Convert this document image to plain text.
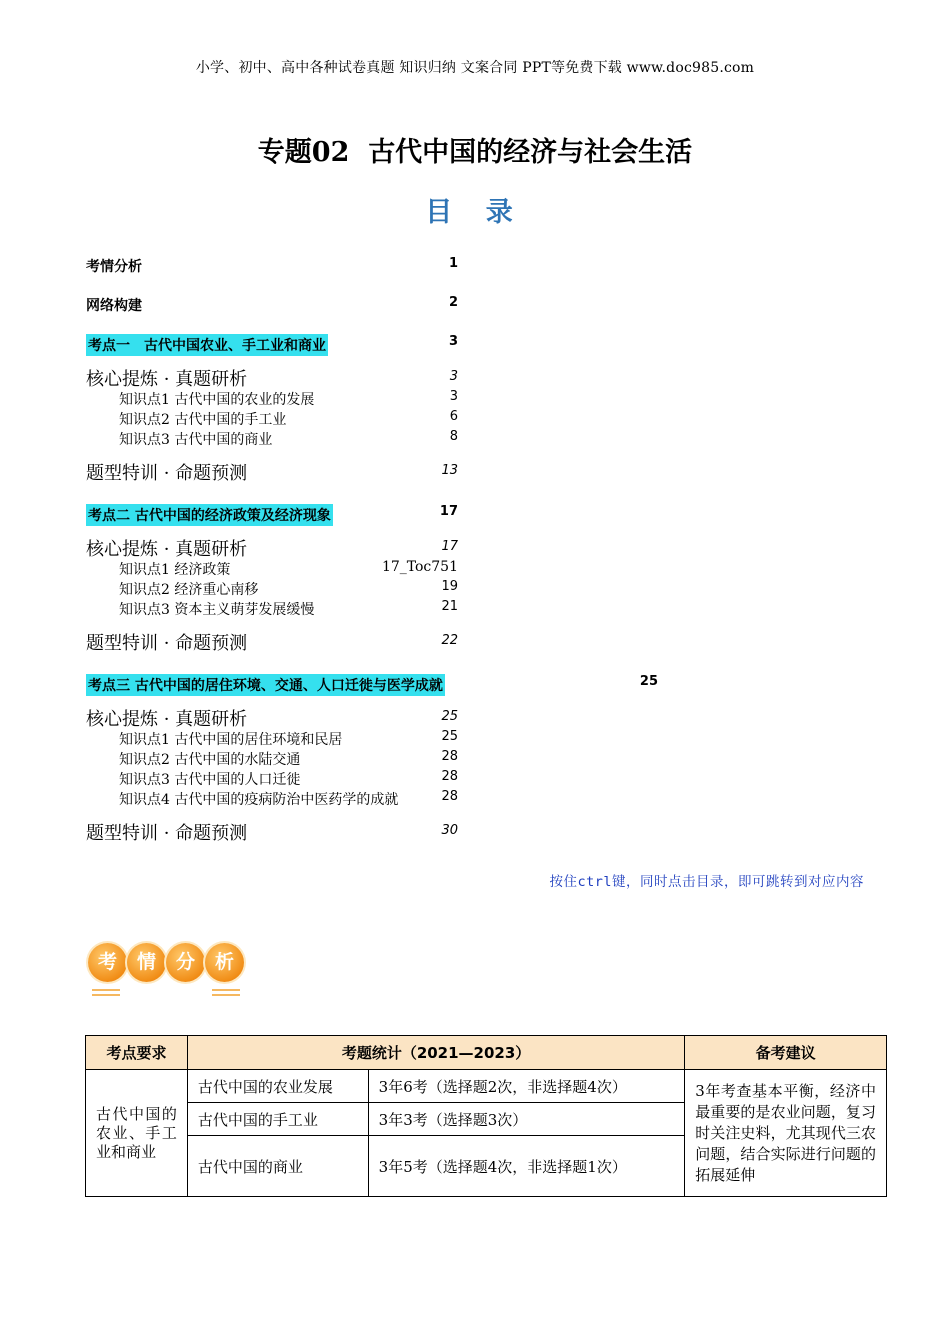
小学、初中、高中各种试卷真题 知识归纳 文案合同 PPT等免费下载 www.doc985.com
专题02 古代中国的经济与社会生活
目 录
考情分析	1
网络构建	2
考点一　古代中国农业、手工业和商业	3
核心提炼 · 真题研析	3
知识点1 古代中国的农业的发展	3
知识点2 古代中国的手工业	6
知识点3 古代中国的商业	8
题型特训 · 命题预测	13
考点二 古代中国的经济政策及经济现象	17
核心提炼 · 真题研析	17
知识点1 经济政策	17_Toc751
知识点2 经济重心南移	19
知识点3 资本主义萌芽发展缓慢	21
题型特训 · 命题预测	22
考点三 古代中国的居住环境、交通、人口迁徙与医学成就	25
核心提炼 · 真题研析	25
知识点1 古代中国的居住环境和民居	25
知识点2 古代中国的水陆交通	28
知识点3 古代中国的人口迁徙	28
知识点4 古代中国的疫病防治中医药学的成就	28
题型特训 · 命题预测	30
按住ctrl键，同时点击目录，即可跳转到对应内容
考	情	分	析
考点要求	考题统计（2021—2023）		备考建议
古代中国的农业、手工业和商业	古代中国的农业发展	3年6考（选择题2次，非选择题4次）	3年考查基本平衡，经济中最重要的是农业问题，复习时关注史料，尤其现代三农问题，结合实际进行问题的拓展延伸
	古代中国的手工业	3年3考（选择题3次）	
	古代中国的商业	3年5考（选择题4次，非选择题1次）	
